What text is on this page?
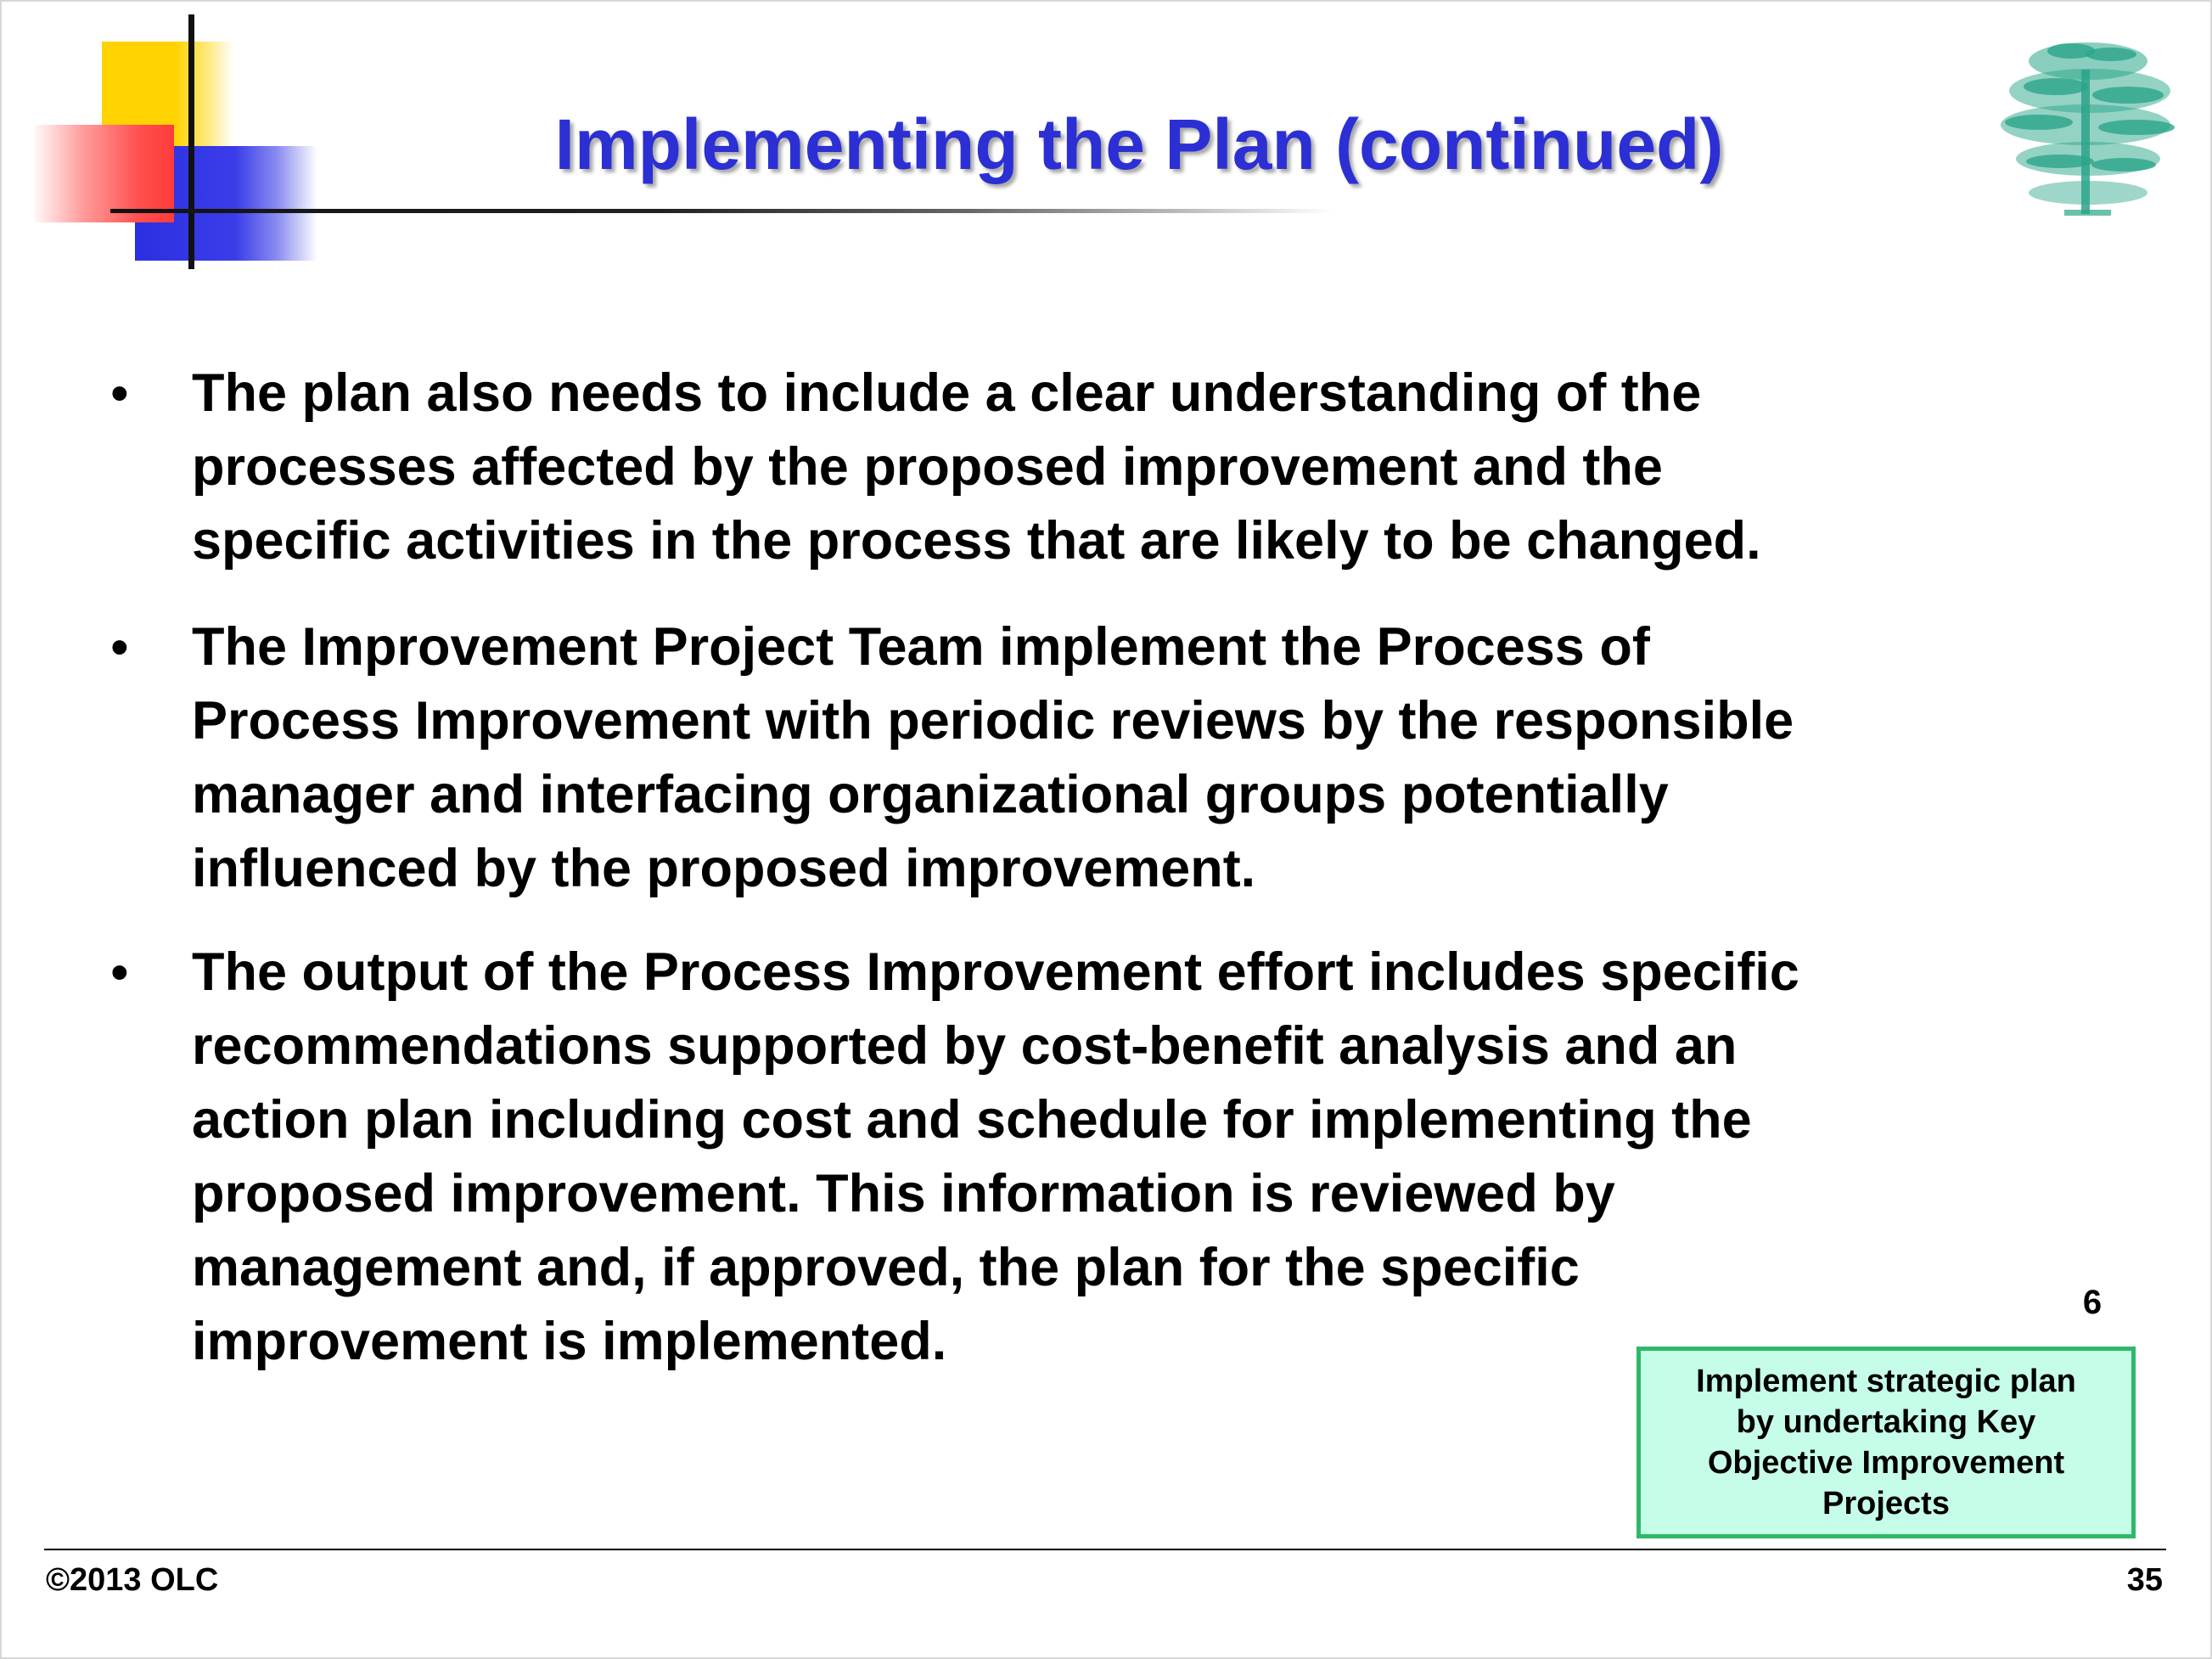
Implementing the Plan (continued)
• The plan also needs to include a clear understanding of the
processes affected by the proposed improvement and the
specific activities in the process that are likely to be changed.

• The Improvement Project Team implement the Process of
Process Improvement with periodic reviews by the responsible
manager and interfacing organizational groups potentially
influenced by the proposed improvement.

• The output of the Process Improvement effort includes specific
recommendations supported by cost-benefit analysis and an
action plan including cost and schedule for implementing the
proposed improvement. This information is reviewed by
management and, if approved, the plan for the specific
improvement is implemented.

6
Implement strategic plan
by undertaking Key
Objective Improvement
Projects
©2013 OLC	35
